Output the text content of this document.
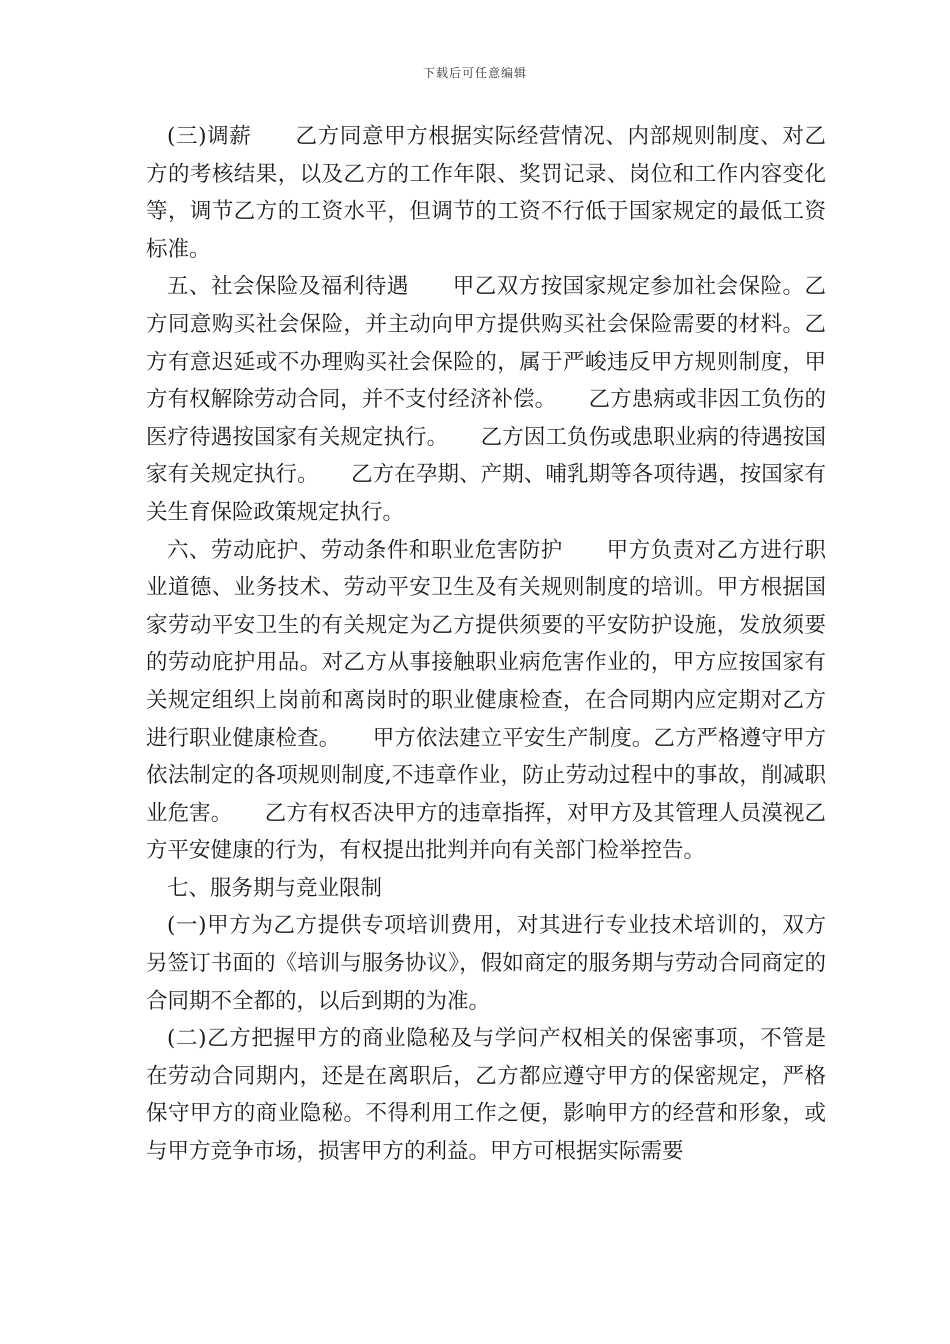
下载后可任意编辑

(三)调薪　　乙方同意甲方根据实际经营情况、内部规则制度、对乙方的考核结果，以及乙方的工作年限、奖罚记录、岗位和工作内容变化等，调节乙方的工资水平，但调节的工资不行低于国家规定的最低工资标准。

五、社会保险及福利待遇　　甲乙双方按国家规定参加社会保险。乙方同意购买社会保险，并主动向甲方提供购买社会保险需要的材料。乙方有意迟延或不办理购买社会保险的，属于严峻违反甲方规则制度，甲方有权解除劳动合同，并不支付经济补偿。　　乙方患病或非因工负伤的医疗待遇按国家有关规定执行。　　乙方因工负伤或患职业病的待遇按国家有关规定执行。　　乙方在孕期、产期、哺乳期等各项待遇，按国家有关生育保险政策规定执行。

六、劳动庇护、劳动条件和职业危害防护　　甲方负责对乙方进行职业道德、业务技术、劳动平安卫生及有关规则制度的培训。甲方根据国家劳动平安卫生的有关规定为乙方提供须要的平安防护设施，发放须要的劳动庇护用品。对乙方从事接触职业病危害作业的，甲方应按国家有关规定组织上岗前和离岗时的职业健康检查，在合同期内应定期对乙方进行职业健康检查。　　甲方依法建立平安生产制度。乙方严格遵守甲方依法制定的各项规则制度,不违章作业，防止劳动过程中的事故，削减职业危害。　　乙方有权否决甲方的违章指挥，对甲方及其管理人员漠视乙方平安健康的行为，有权提出批判并向有关部门检举控告。

七、服务期与竞业限制

(一)甲方为乙方提供专项培训费用，对其进行专业技术培训的，双方另签订书面的《培训与服务协议》，假如商定的服务期与劳动合同商定的合同期不全都的，以后到期的为准。

(二)乙方把握甲方的商业隐秘及与学问产权相关的保密事项，不管是在劳动合同期内，还是在离职后，乙方都应遵守甲方的保密规定，严格保守甲方的商业隐秘。不得利用工作之便，影响甲方的经营和形象，或与甲方竞争市场，损害甲方的利益。甲方可根据实际需要
